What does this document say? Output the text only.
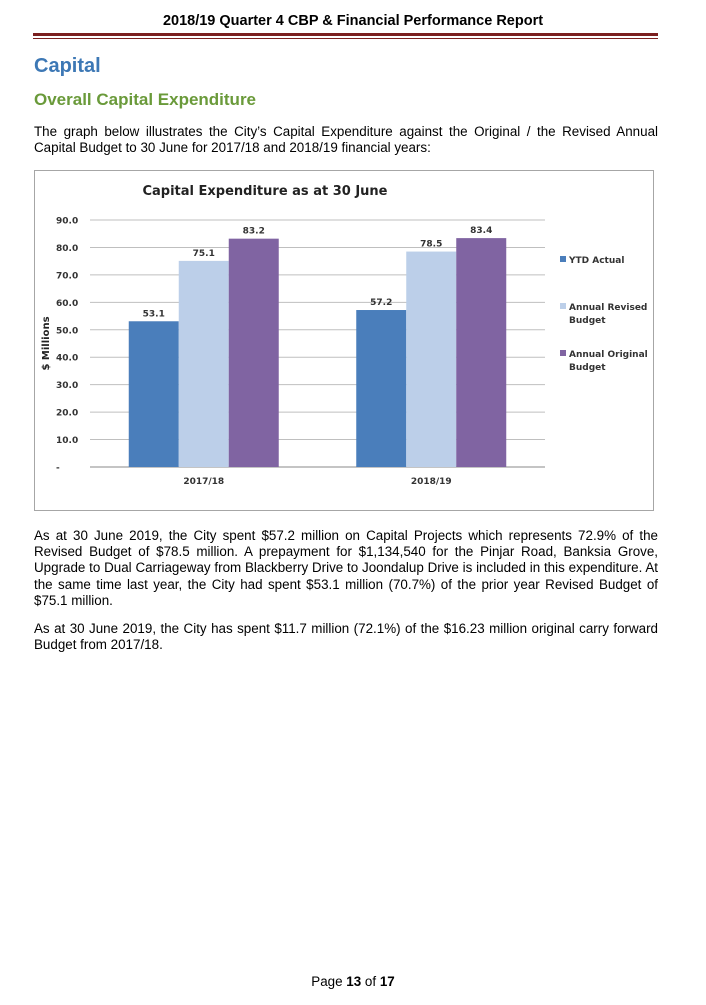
2018/19 Quarter 4 CBP & Financial Performance Report
Capital
Overall Capital Expenditure

The graph below illustrates the City’s Capital Expenditure against the Original / the Revised Annual Capital Budget to 30 June for 2017/18 and 2018/19 financial years:

Capital Expenditure as at 30 June
-
10.0
20.0
30.0
40.0
50.0
60.0
70.0
80.0
90.0
$ Millions
53.1
75.1
83.2
2017/18
57.2
78.5
83.4
2018/19
YTD Actual
Annual Revised Budget
Annual Original Budget

As at 30 June 2019, the City spent $57.2 million on Capital Projects which represents 72.9% of the Revised Budget of $78.5 million. A prepayment for $1,134,540 for the Pinjar Road, Banksia Grove, Upgrade to Dual Carriageway from Blackberry Drive to Joondalup Drive is included in this expenditure. At the same time last year, the City had spent $53.1 million (70.7%) of the prior year Revised Budget of $75.1 million.

As at 30 June 2019, the City has spent $11.7 million (72.1%) of the $16.23 million original carry forward Budget from 2017/18.

Page 13 of 17
